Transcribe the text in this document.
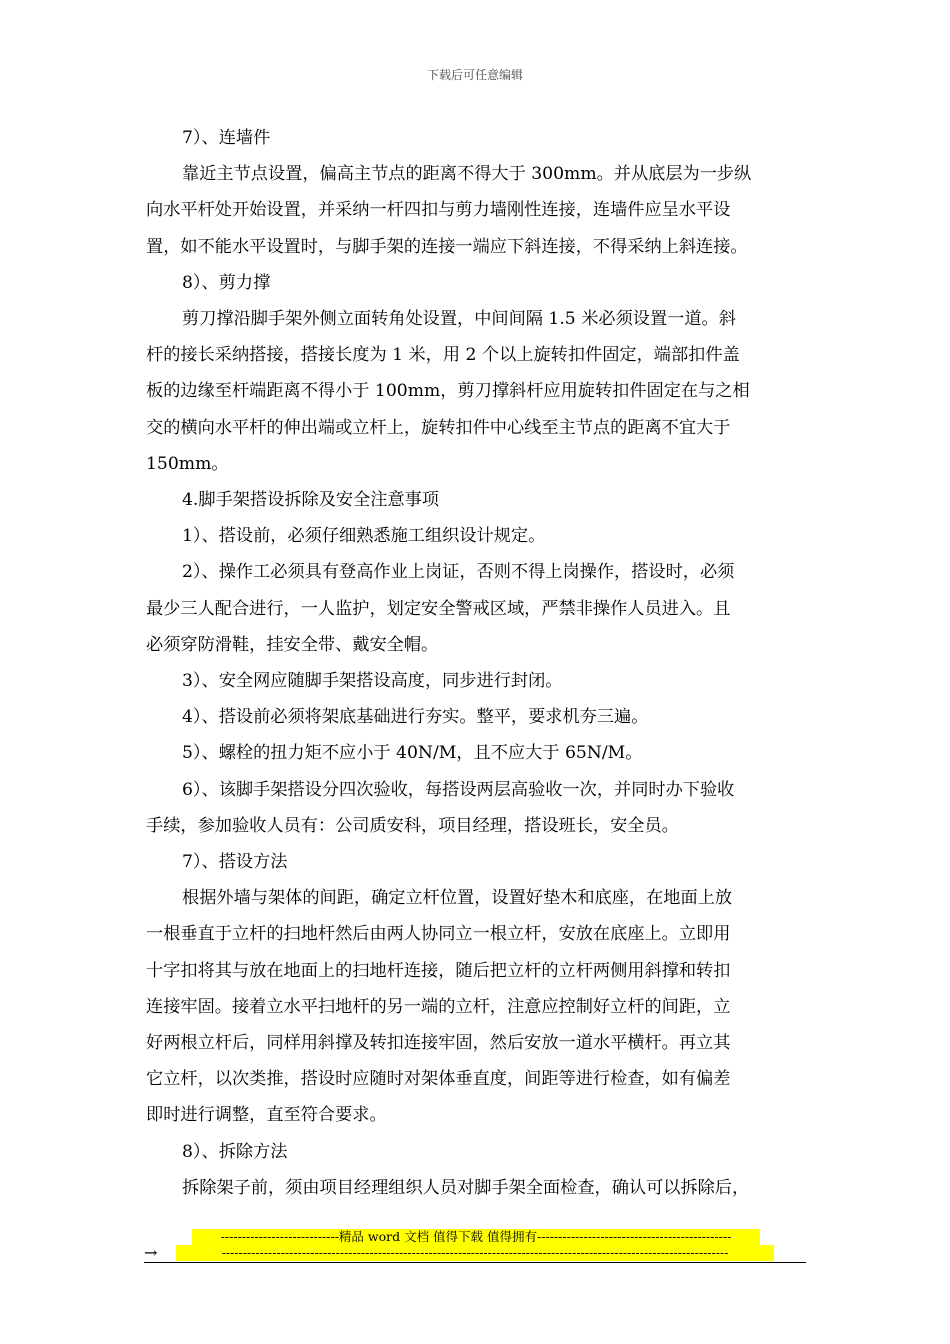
下载后可任意编辑

7）、连墙件

靠近主节点设置，偏高主节点的距离不得大于 300mm。并从底层为一步纵

向水平杆处开始设置，并采纳一杆四扣与剪力墙刚性连接，连墙件应呈水平设

置，如不能水平设置时，与脚手架的连接一端应下斜连接，不得采纳上斜连接。

8）、剪力撑

剪刀撑沿脚手架外侧立面转角处设置，中间间隔 1.5 米必须设置一道。斜

杆的接长采纳搭接，搭接长度为 1 米，用 2 个以上旋转扣件固定，端部扣件盖

板的边缘至杆端距离不得小于 100mm，剪刀撑斜杆应用旋转扣件固定在与之相

交的横向水平杆的伸出端或立杆上，旋转扣件中心线至主节点的距离不宜大于

150mm。

4.脚手架搭设拆除及安全注意事项

1）、搭设前，必须仔细熟悉施工组织设计规定。

2）、操作工必须具有登高作业上岗证，否则不得上岗操作，搭设时，必须

最少三人配合进行，一人监护，划定安全警戒区域，严禁非操作人员进入。且

必须穿防滑鞋，挂安全带、戴安全帽。

3）、安全网应随脚手架搭设高度，同步进行封闭。

4）、搭设前必须将架底基础进行夯实。整平，要求机夯三遍。

5）、螺栓的扭力矩不应小于 40N/M，且不应大于 65N/M。

6）、该脚手架搭设分四次验收，每搭设两层高验收一次，并同时办下验收

手续，参加验收人员有：公司质安科，项目经理，搭设班长，安全员。

7）、搭设方法

根据外墙与架体的间距，确定立杆位置，设置好垫木和底座，在地面上放

一根垂直于立杆的扫地杆然后由两人协同立一根立杆，安放在底座上。立即用

十字扣将其与放在地面上的扫地杆连接，随后把立杆的立杆两侧用斜撑和转扣

连接牢固。接着立水平扫地杆的另一端的立杆，注意应控制好立杆的间距，立

好两根立杆后，同样用斜撑及转扣连接牢固，然后安放一道水平横杆。再立其

它立杆，以次类推，搭设时应随时对架体垂直度，间距等进行检查，如有偏差

即时进行调整，直至符合要求。

8）、拆除方法

拆除架子前，须由项目经理组织人员对脚手架全面检查，确认可以拆除后，

----------------------------精品 word 文档 值得下载 值得拥有----------------------------------------------
→	------------------------------------------------------------------------------------------------------------------------
